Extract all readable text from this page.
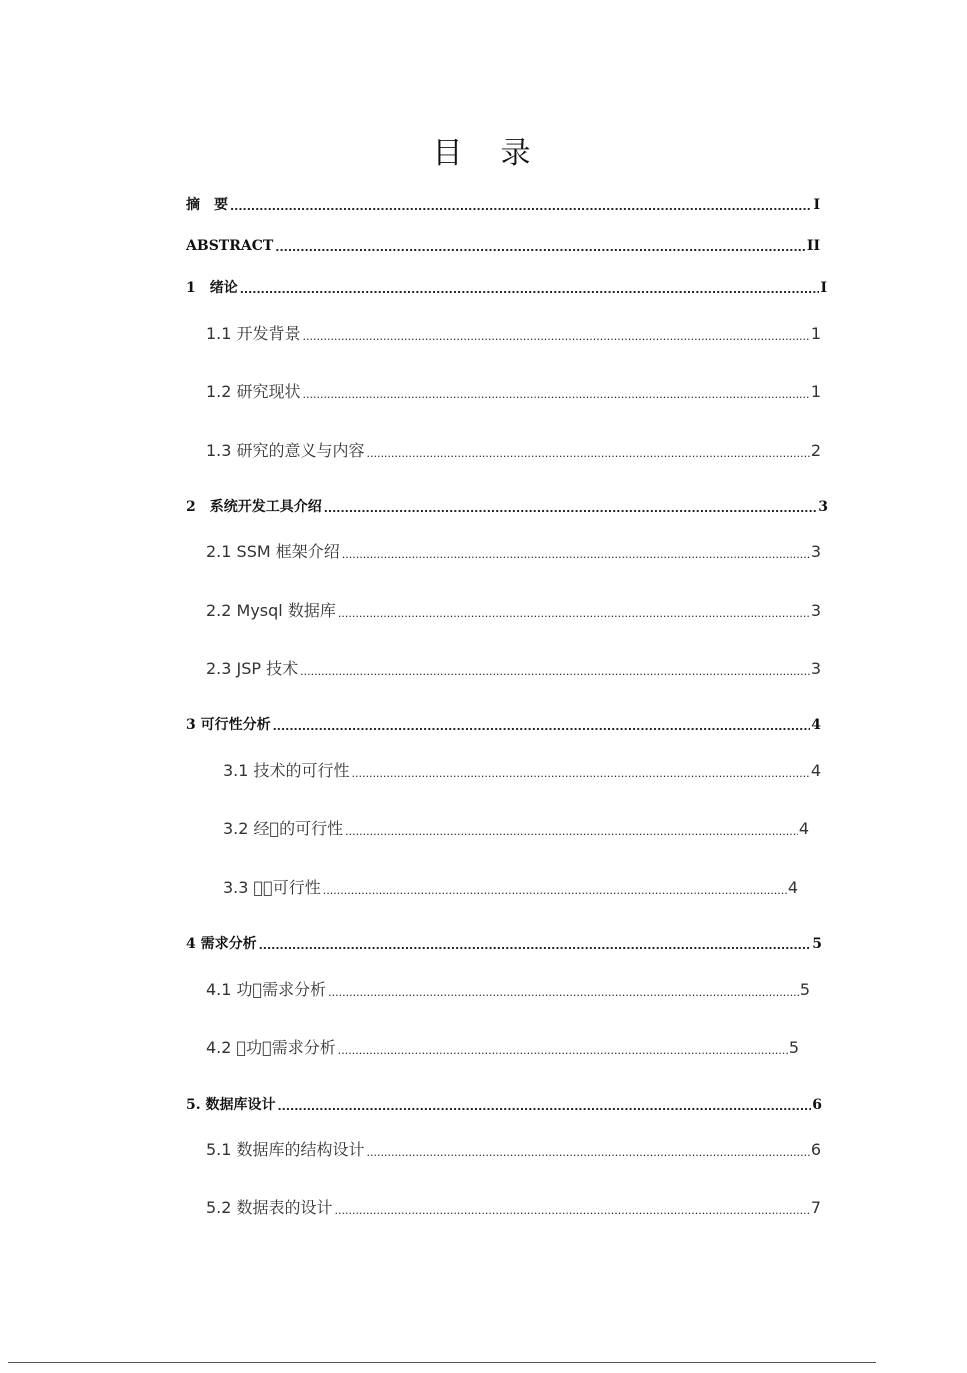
目　录
摘　要 .....	I
ABSTRACT .....	II
1　绪论 .....	I
1.1 开发背景 .....	1
1.2 研究现状 .....	1
1.3 研究的意义与内容 .....	2
2　系统开发工具介绍 .....	3
2.1 SSM 框架介绍 .....	3
2.2 Mysql 数据库 .....	3
2.3 JSP 技术 .....	3
3 可行性分析 .....	4
3.1 技术的可行性 .....	4
3.2 经 的可行性 .....	4
3.3   可行性 .....	4
4 需求分析 .....	5
4.1 功 需求分析 .....	5
4.2  功 需求分析 .....	5
5. 数据库设计 .....	6
5.1 数据库的结构设计 .....	6
5.2 数据表的设计 .....	7
